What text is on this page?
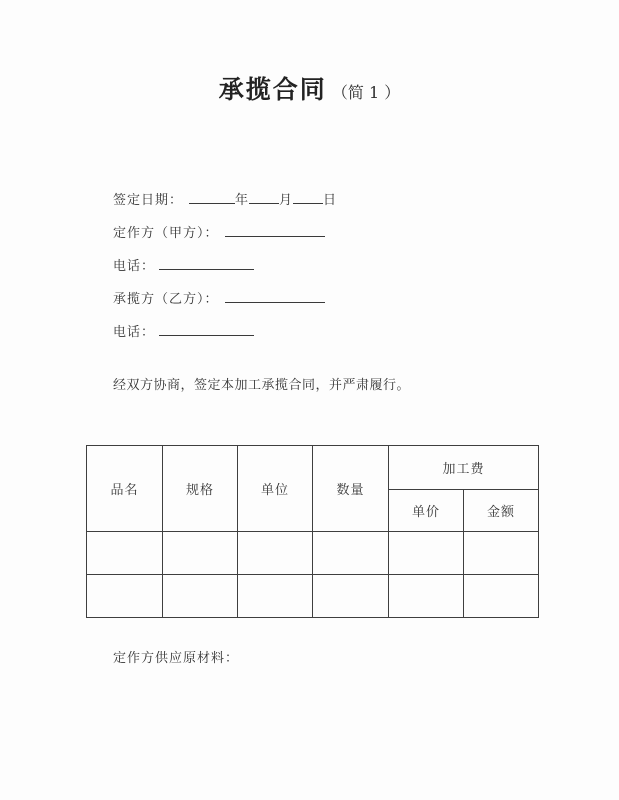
承揽合同 （简 1 ）
签定日期：	年 月 日
定作方（甲方）：
电话：
承揽方（乙方）：
电话：
经双方协商，签定本加工承揽合同，并严肃履行。
品名	规格	单位	数量	加工费	
				单价	金额

定作方供应原材料：
